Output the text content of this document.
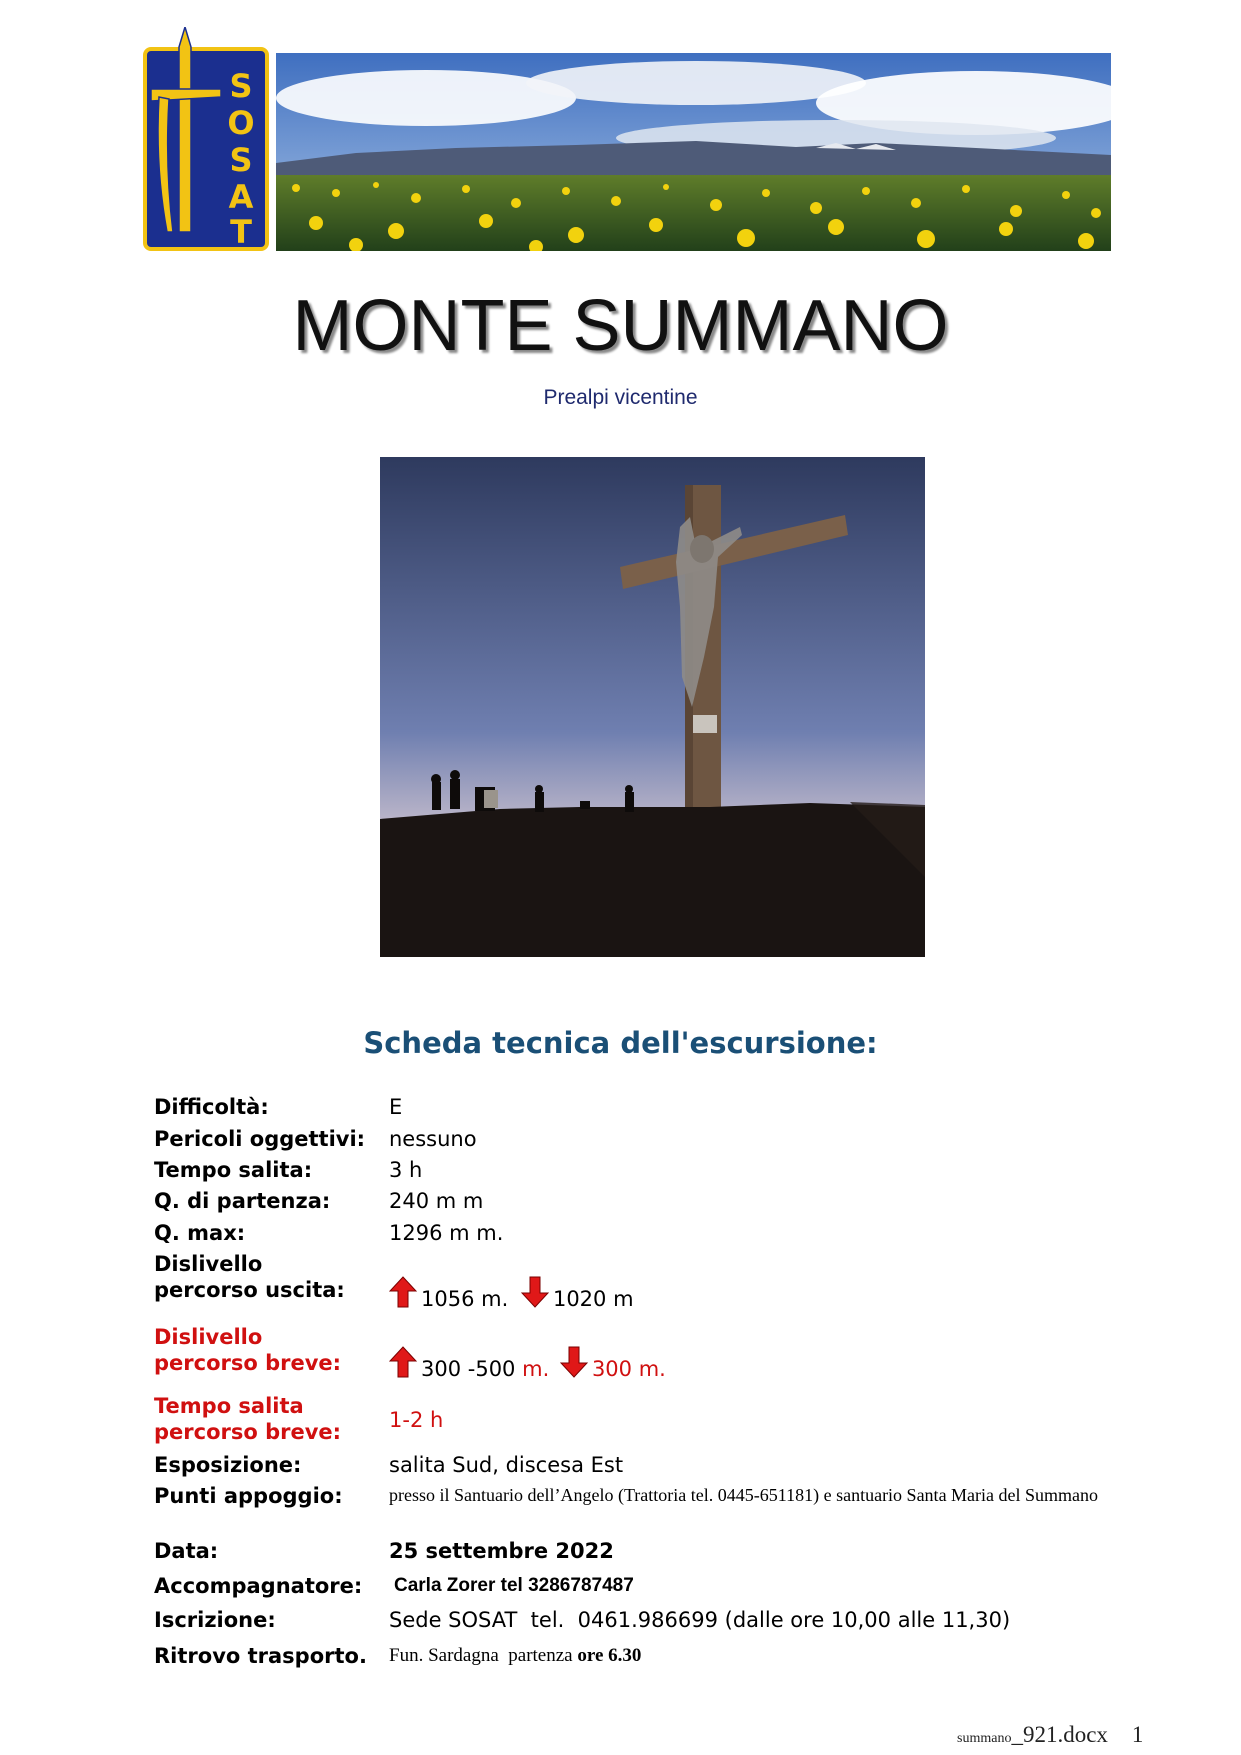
S
O
S
A
T
MONTE SUMMANO
Prealpi vicentine
Scheda tecnica dell'escursione:
Difficoltà:	E
Pericoli oggettivi: nessuno
Tempo salita:	3 h
Q. di partenza:	240 m m
Q. max:	1296 m m.
Dislivello
percorso uscita:	1056 m. 1020 m
Dislivello
percorso breve:	300 -500 m. 300 m.
Tempo salita
percorso breve: 1-2 h
Esposizione:	salita Sud, discesa Est
Punti appoggio:	presso il Santuario dell’Angelo (Trattoria tel. 0445-651181) e santuario Santa Maria del Summano
Data:	25 settembre 2022
Accompagnatore: Carla Zorer tel 3286787487
Iscrizione:	Sede SOSAT  tel.  0461.986699 (dalle ore 10,00 alle 11,30)
Ritrovo trasporto. Fun. Sardagna  partenza ore 6.30
summano_921.docx 1
